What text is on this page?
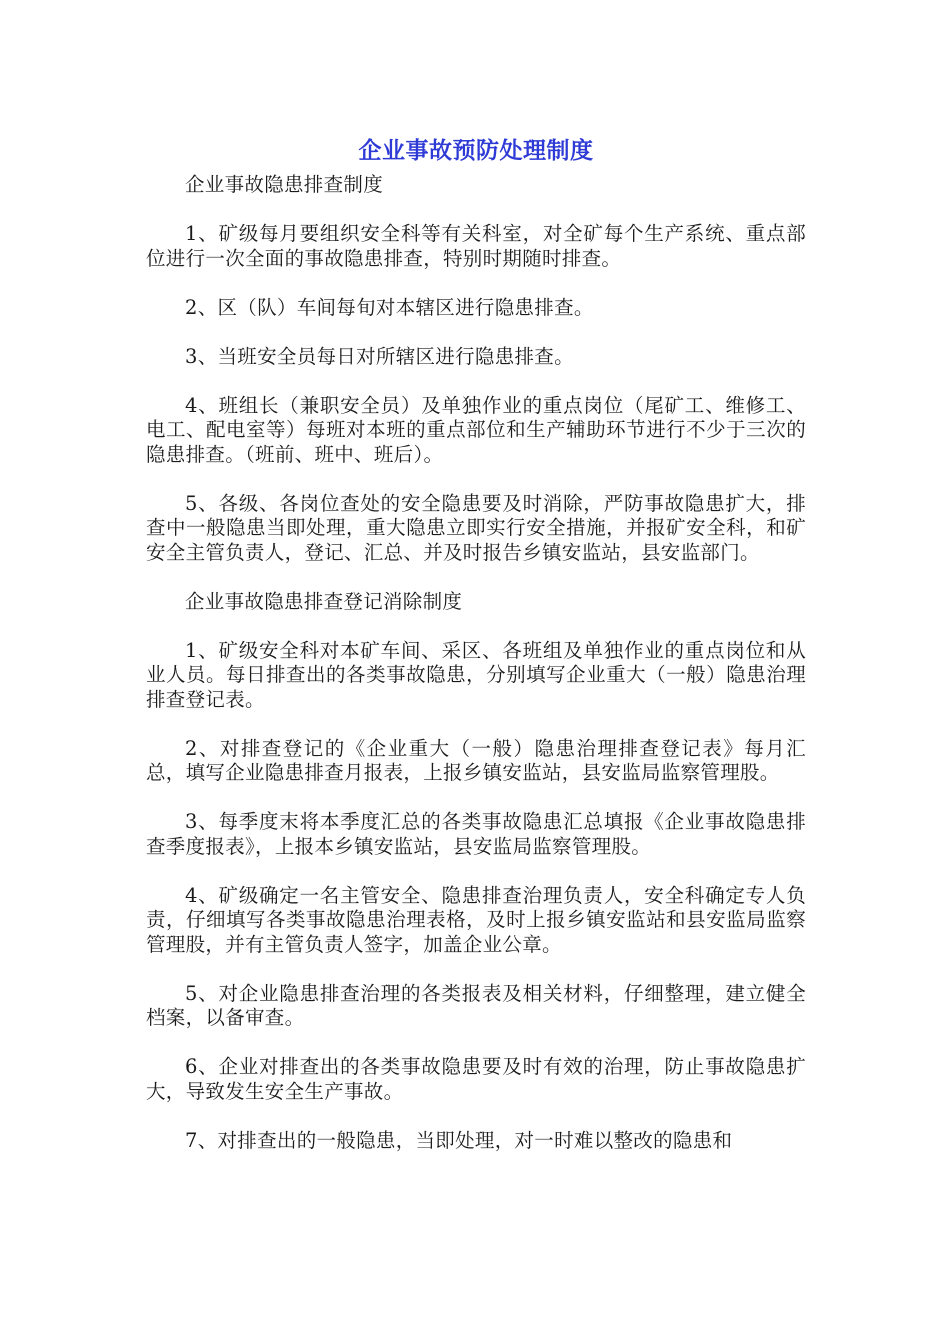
企业事故预防处理制度

企业事故隐患排查制度

1、矿级每月要组织安全科等有关科室，对全矿每个生产系统、重点部位进行一次全面的事故隐患排查，特别时期随时排查。

2、区（队）车间每旬对本辖区进行隐患排查。

3、当班安全员每日对所辖区进行隐患排查。

4、班组长（兼职安全员）及单独作业的重点岗位（尾矿工、维修工、电工、配电室等）每班对本班的重点部位和生产辅助环节进行不少于三次的隐患排查。（班前、班中、班后）。

5、各级、各岗位查处的安全隐患要及时消除，严防事故隐患扩大，排查中一般隐患当即处理，重大隐患立即实行安全措施，并报矿安全科，和矿安全主管负责人，登记、汇总、并及时报告乡镇安监站，县安监部门。

企业事故隐患排查登记消除制度

1、矿级安全科对本矿车间、采区、各班组及单独作业的重点岗位和从业人员。每日排查出的各类事故隐患，分别填写企业重大（一般）隐患治理排查登记表。

2、对排查登记的《企业重大（一般）隐患治理排查登记表》每月汇总，填写企业隐患排查月报表，上报乡镇安监站，县安监局监察管理股。

3、每季度末将本季度汇总的各类事故隐患汇总填报《企业事故隐患排查季度报表》，上报本乡镇安监站，县安监局监察管理股。

4、矿级确定一名主管安全、隐患排查治理负责人，安全科确定专人负责，仔细填写各类事故隐患治理表格，及时上报乡镇安监站和县安监局监察管理股，并有主管负责人签字，加盖企业公章。

5、对企业隐患排查治理的各类报表及相关材料，仔细整理，建立健全档案，以备审查。

6、企业对排查出的各类事故隐患要及时有效的治理，防止事故隐患扩大，导致发生安全生产事故。

7、对排查出的一般隐患，当即处理，对一时难以整改的隐患和
